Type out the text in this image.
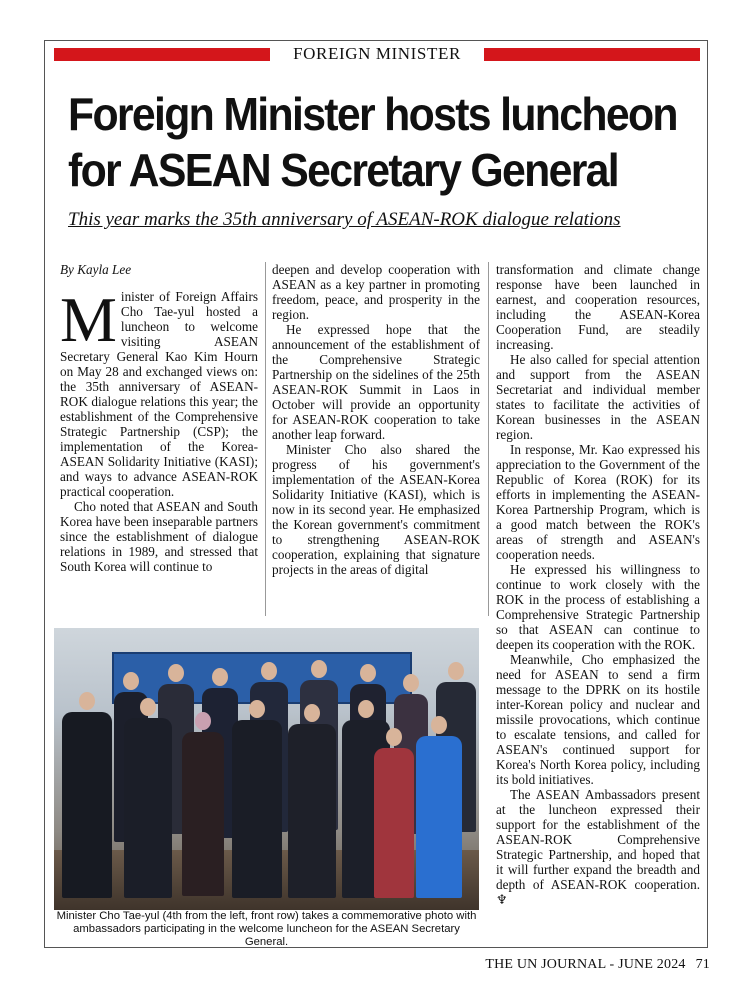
FOREIGN MINISTER
Foreign Minister hosts luncheon
for ASEAN Secretary General
This year marks the 35th anniversary of ASEAN-ROK dialogue relations

By Kayla Lee

Minister of Foreign Affairs Cho Tae-yul hosted a luncheon to welcome visiting ASEAN Secretary General Kao Kim Hourn on May 28 and exchanged views on: the 35th anniversary of ASEAN-ROK dialogue relations this year; the establishment of the Comprehensive Strategic Partnership (CSP); the implementation of the Korea-ASEAN Solidarity Initiative (KASI); and ways to advance ASEAN-ROK practical cooperation.

Cho noted that ASEAN and South Korea have been inseparable partners since the establishment of dialogue relations in 1989, and stressed that South Korea will continue to

deepen and develop cooperation with ASEAN as a key partner in promoting freedom, peace, and prosperity in the region.

He expressed hope that the announcement of the establishment of the Comprehensive Strategic Partnership on the sidelines of the 25th ASEAN-ROK Summit in Laos in October will provide an opportunity for ASEAN-ROK cooperation to take another leap forward.

Minister Cho also shared the progress of his government's implementation of the ASEAN-Korea Solidarity Initiative (KASI), which is now in its second year. He emphasized the Korean government's commitment to strengthening ASEAN-ROK cooperation, explaining that signature projects in the areas of digital

transformation and climate change response have been launched in earnest, and cooperation resources, including the ASEAN-Korea Cooperation Fund, are steadily increasing.

He also called for special attention and support from the ASEAN Secretariat and individual member states to facilitate the activities of Korean businesses in the ASEAN region.

In response, Mr. Kao expressed his appreciation to the Government of the Republic of Korea (ROK) for its efforts in implementing the ASEAN-Korea Partnership Program, which is a good match between the ROK's areas of strength and ASEAN's cooperation needs.

He expressed his willingness to continue to work closely with the ROK in the process of establishing a Comprehensive Strategic Partnership so that ASEAN can continue to deepen its cooperation with the ROK.

Meanwhile, Cho emphasized the need for ASEAN to send a firm message to the DPRK on its hostile inter-Korean policy and nuclear and missile provocations, which continue to escalate tensions, and called for ASEAN's continued support for Korea's North Korea policy, including its bold initiatives.

The ASEAN Ambassadors present at the luncheon expressed their support for the establishment of the ASEAN-ROK Comprehensive Strategic Partnership, and hoped that it will further expand the breadth and depth of ASEAN-ROK cooperation. ♆

Minister Cho Tae-yul (4th from the left, front row) takes a commemorative photo with ambassadors participating in the welcome luncheon for the ASEAN Secretary General.
THE UN JOURNAL - JUNE 2024 71
